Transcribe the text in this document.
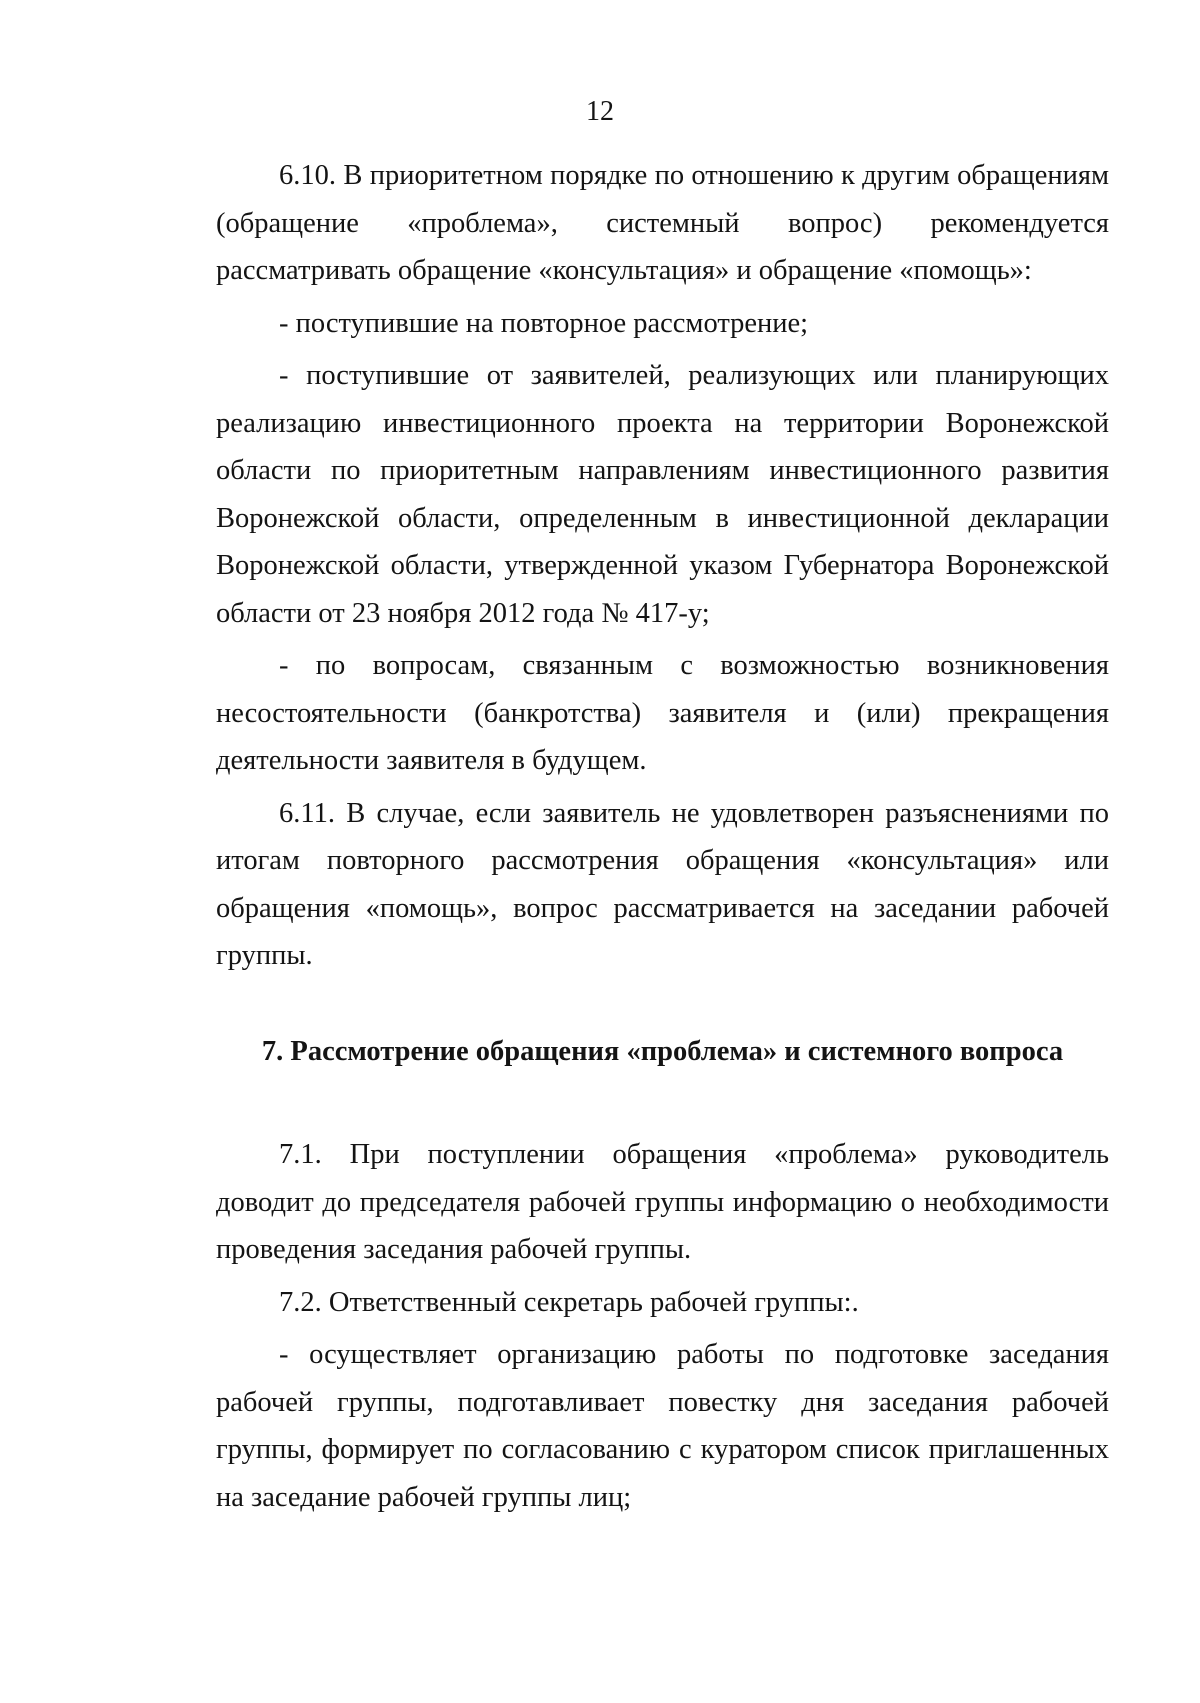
12

6.10. В приоритетном порядке по отношению к другим обращениям (обращение «проблема», системный вопрос) рекомендуется рассматривать обращение «консультация» и обращение «помощь»:

- поступившие на повторное рассмотрение;

- поступившие от заявителей, реализующих или планирующих реализацию инвестиционного проекта на территории Воронежской области по приоритетным направлениям инвестиционного развития Воронежской области, определенным в инвестиционной декларации Воронежской области, утвержденной указом Губернатора Воронежской области от 23 ноября 2012 года № 417-у;

- по вопросам, связанным с возможностью возникновения несостоятельности (банкротства) заявителя и (или) прекращения деятельности заявителя в будущем.

6.11. В случае, если заявитель не удовлетворен разъяснениями по итогам повторного рассмотрения обращения «консультация» или обращения «помощь», вопрос рассматривается на заседании рабочей группы.

7. Рассмотрение обращения «проблема» и системного вопроса

7.1. При поступлении обращения «проблема» руководитель доводит до председателя рабочей группы информацию о необходимости проведения заседания рабочей группы.

7.2. Ответственный секретарь рабочей группы:.

- осуществляет организацию работы по подготовке заседания рабочей группы, подготавливает повестку дня заседания рабочей группы, формирует по согласованию с куратором список приглашенных на заседание рабочей группы лиц;
